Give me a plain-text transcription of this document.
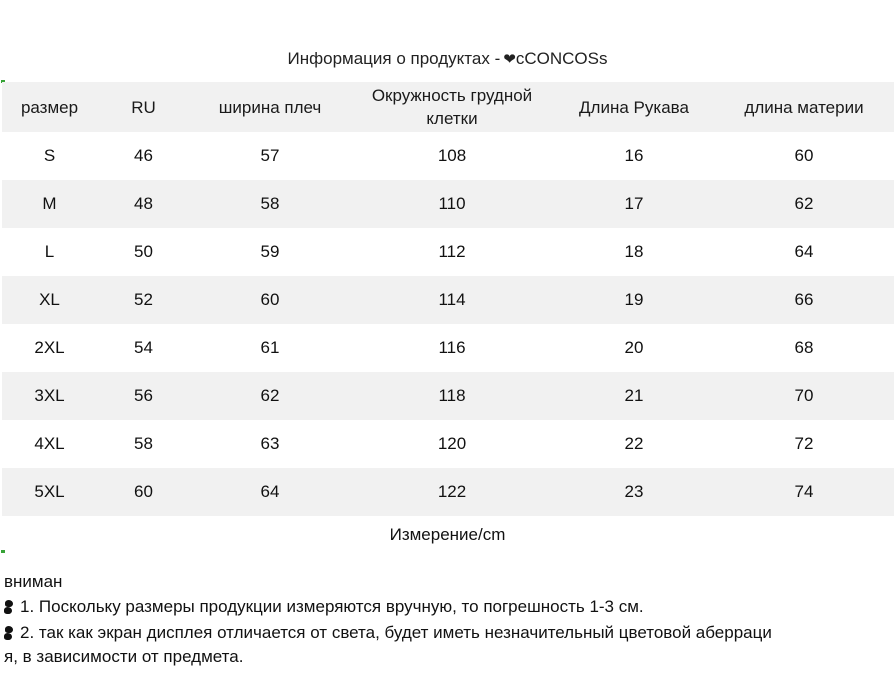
Информация о продуктах - ❤cCONCOSs
размер	RU	ширина плеч	Окружность грудной клетки	Длина Рукава	длина материи
S	46	57	108	16	60
M	48	58	110	17	62
L	50	59	112	18	64
XL	52	60	114	19	66
2XL	54	61	116	20	68
3XL	56	62	118	21	70
4XL	58	63	120	22	72
5XL	60	64	122	23	74
Измерение/cm
вниман
1. Поскольку размеры продукции измеряются вручную, то погрешность 1-3 см.
2. так как экран дисплея отличается от света, будет иметь незначительный цветовой аберраци
я, в зависимости от предмета.
